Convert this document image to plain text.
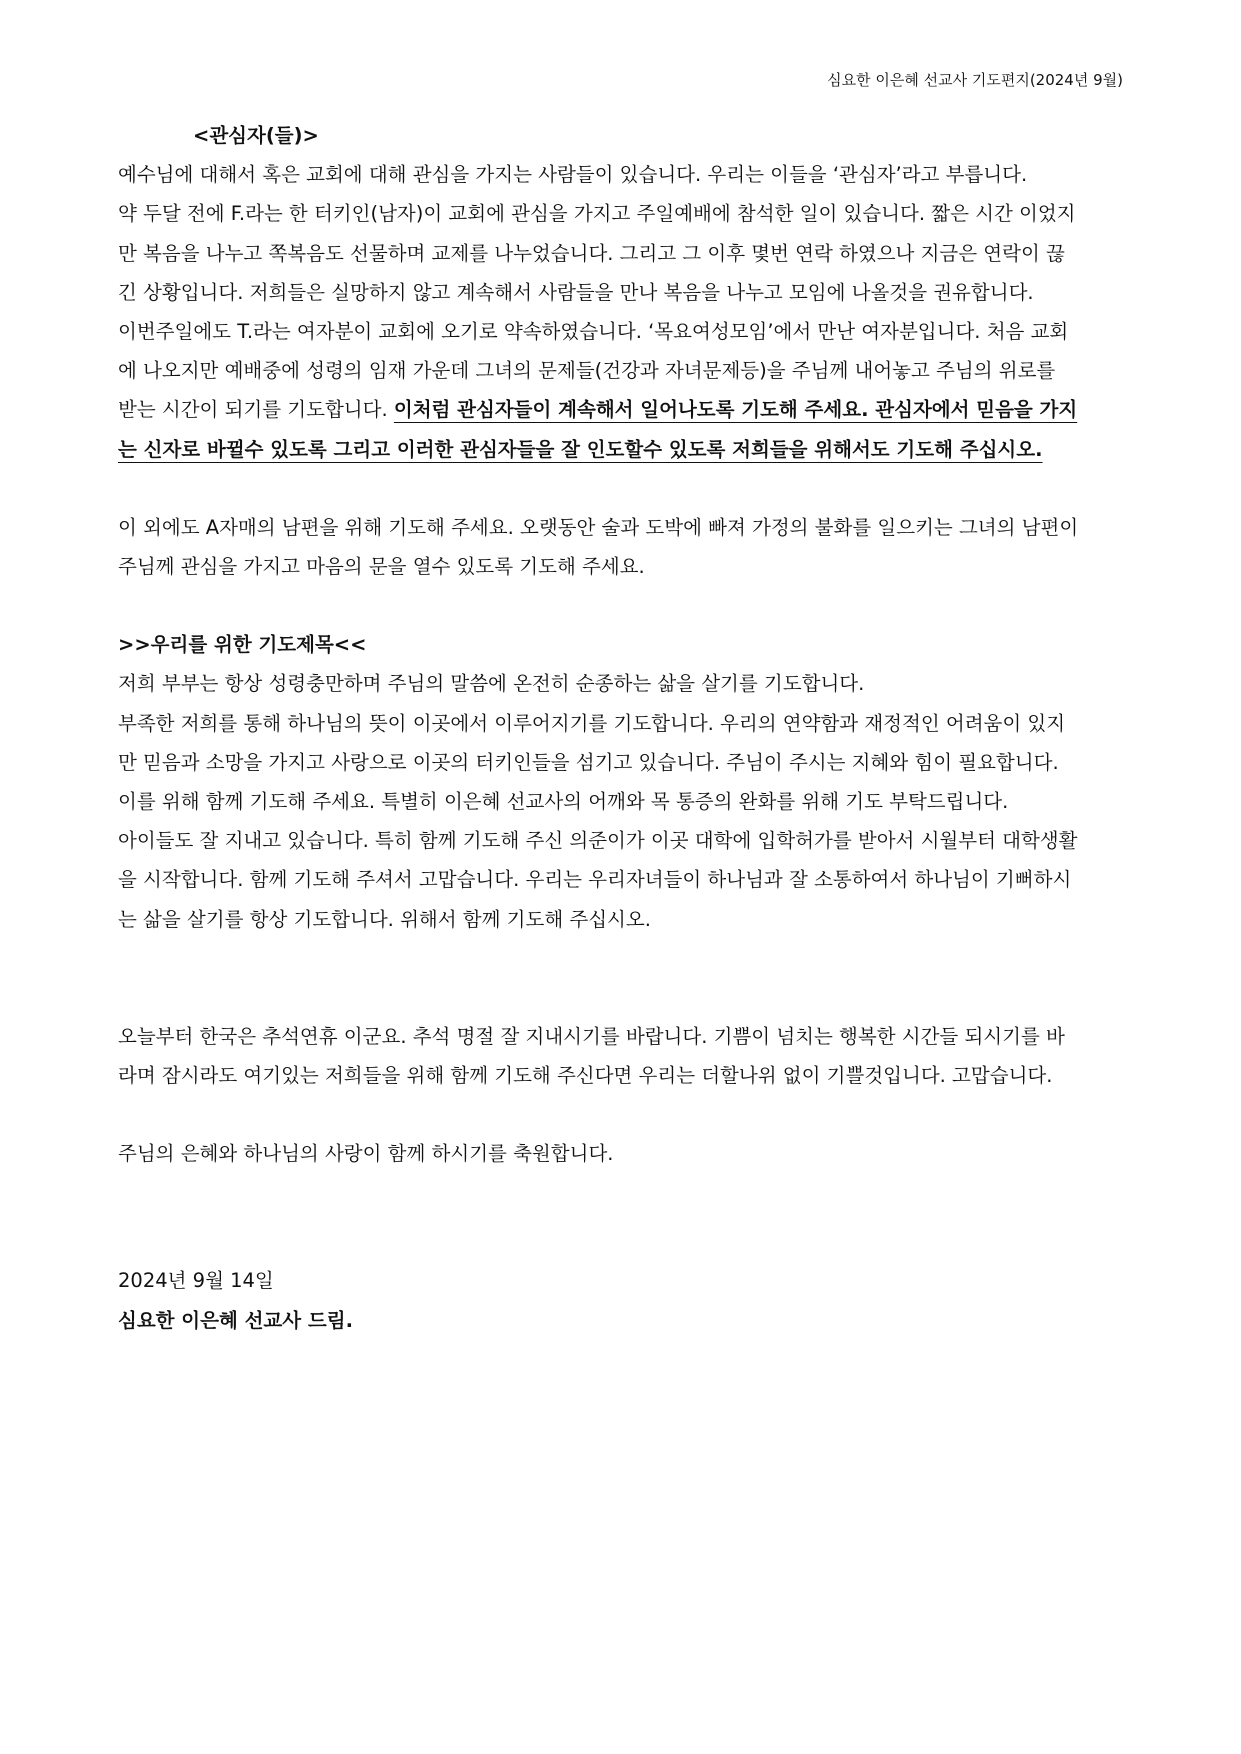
심요한 이은혜 선교사 기도편지(2024년 9월)

<관심자(들)>
예수님에 대해서 혹은 교회에 대해 관심을 가지는 사람들이 있습니다. 우리는 이들을 ‘관심자’라고 부릅니다.
약 두달 전에 F.라는 한 터키인(남자)이 교회에 관심을 가지고 주일예배에 참석한 일이 있습니다. 짧은 시간 이었지
만 복음을 나누고 쪽복음도 선물하며 교제를 나누었습니다. 그리고 그 이후 몇번 연락 하였으나 지금은 연락이 끊
긴 상황입니다. 저희들은 실망하지 않고 계속해서 사람들을 만나 복음을 나누고 모임에 나올것을 권유합니다.
이번주일에도 T.라는 여자분이 교회에 오기로 약속하였습니다. ‘목요여성모임’에서 만난 여자분입니다. 처음 교회
에 나오지만 예배중에 성령의 임재 가운데 그녀의 문제들(건강과 자녀문제등)을 주님께 내어놓고 주님의 위로를
받는 시간이 되기를 기도합니다. 이처럼 관심자들이 계속해서 일어나도록 기도해 주세요. 관심자에서 믿음을 가지
는 신자로 바뀔수 있도록 그리고 이러한 관심자들을 잘 인도할수 있도록 저희들을 위해서도 기도해 주십시오.

이 외에도 A자매의 남편을 위해 기도해 주세요. 오랫동안 술과 도박에 빠져 가정의 불화를 일으키는 그녀의 남편이
주님께 관심을 가지고 마음의 문을 열수 있도록 기도해 주세요.

>>우리를 위한 기도제목<<
저희 부부는 항상 성령충만하며 주님의 말씀에 온전히 순종하는 삶을 살기를 기도합니다.
부족한 저희를 통해 하나님의 뜻이 이곳에서 이루어지기를 기도합니다. 우리의 연약함과 재정적인 어려움이 있지
만 믿음과 소망을 가지고 사랑으로 이곳의 터키인들을 섬기고 있습니다. 주님이 주시는 지혜와 힘이 필요합니다.
이를 위해 함께 기도해 주세요. 특별히 이은혜 선교사의 어깨와 목 통증의 완화를 위해 기도 부탁드립니다.
아이들도 잘 지내고 있습니다. 특히 함께 기도해 주신 의준이가 이곳 대학에 입학허가를 받아서 시월부터 대학생활
을 시작합니다. 함께 기도해 주셔서 고맙습니다. 우리는 우리자녀들이 하나님과 잘 소통하여서 하나님이 기뻐하시
는 삶을 살기를 항상 기도합니다. 위해서 함께 기도해 주십시오.

오늘부터 한국은 추석연휴 이군요. 추석 명절 잘 지내시기를 바랍니다. 기쁨이 넘치는 행복한 시간들 되시기를 바
라며 잠시라도 여기있는 저희들을 위해 함께 기도해 주신다면 우리는 더할나위 없이 기쁠것입니다. 고맙습니다.

주님의 은혜와 하나님의 사랑이 함께 하시기를 축원합니다.

2024년 9월 14일
심요한 이은혜 선교사 드림.
